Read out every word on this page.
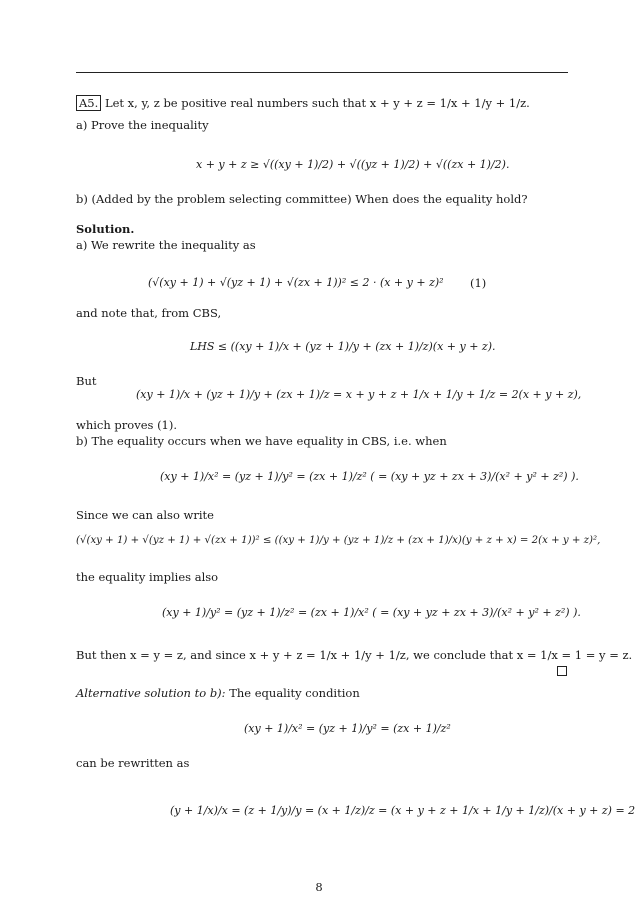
A5. Let x, y, z be positive real numbers such that x + y + z = 1/x + 1/y + 1/z.
a) Prove the inequality
x + y + z ≥ √((xy + 1)/2) + √((yz + 1)/2) + √((zx + 1)/2).
b) (Added by the problem selecting committee) When does the equality hold?
Solution.
a) We rewrite the inequality as
(√(xy + 1) + √(yz + 1) + √(zx + 1))² ≤ 2 · (x + y + z)² (1)
and note that, from CBS,
LHS ≤ ((xy + 1)/x + (yz + 1)/y + (zx + 1)/z)(x + y + z).
But
(xy + 1)/x + (yz + 1)/y + (zx + 1)/z = x + y + z + 1/x + 1/y + 1/z = 2(x + y + z),
which proves (1).
b) The equality occurs when we have equality in CBS, i.e. when
(xy + 1)/x² = (yz + 1)/y² = (zx + 1)/z² ( = (xy + yz + zx + 3)/(x² + y² + z²) ).
Since we can also write
(√(xy + 1) + √(yz + 1) + √(zx + 1))² ≤ ((xy + 1)/y + (yz + 1)/z + (zx + 1)/x)(y + z + x) = 2(x + y + z)²,
the equality implies also
(xy + 1)/y² = (yz + 1)/z² = (zx + 1)/x² ( = (xy + yz + zx + 3)/(x² + y² + z²) ).
But then x = y = z, and since x + y + z = 1/x + 1/y + 1/z, we conclude that x = 1/x = 1 = y = z.
Alternative solution to b): The equality condition
(xy + 1)/x² = (yz + 1)/y² = (zx + 1)/z²
can be rewritten as
(y + 1/x)/x = (z + 1/y)/y = (x + 1/z)/z = (x + y + z + 1/x + 1/y + 1/z)/(x + y + z) = 2
8
